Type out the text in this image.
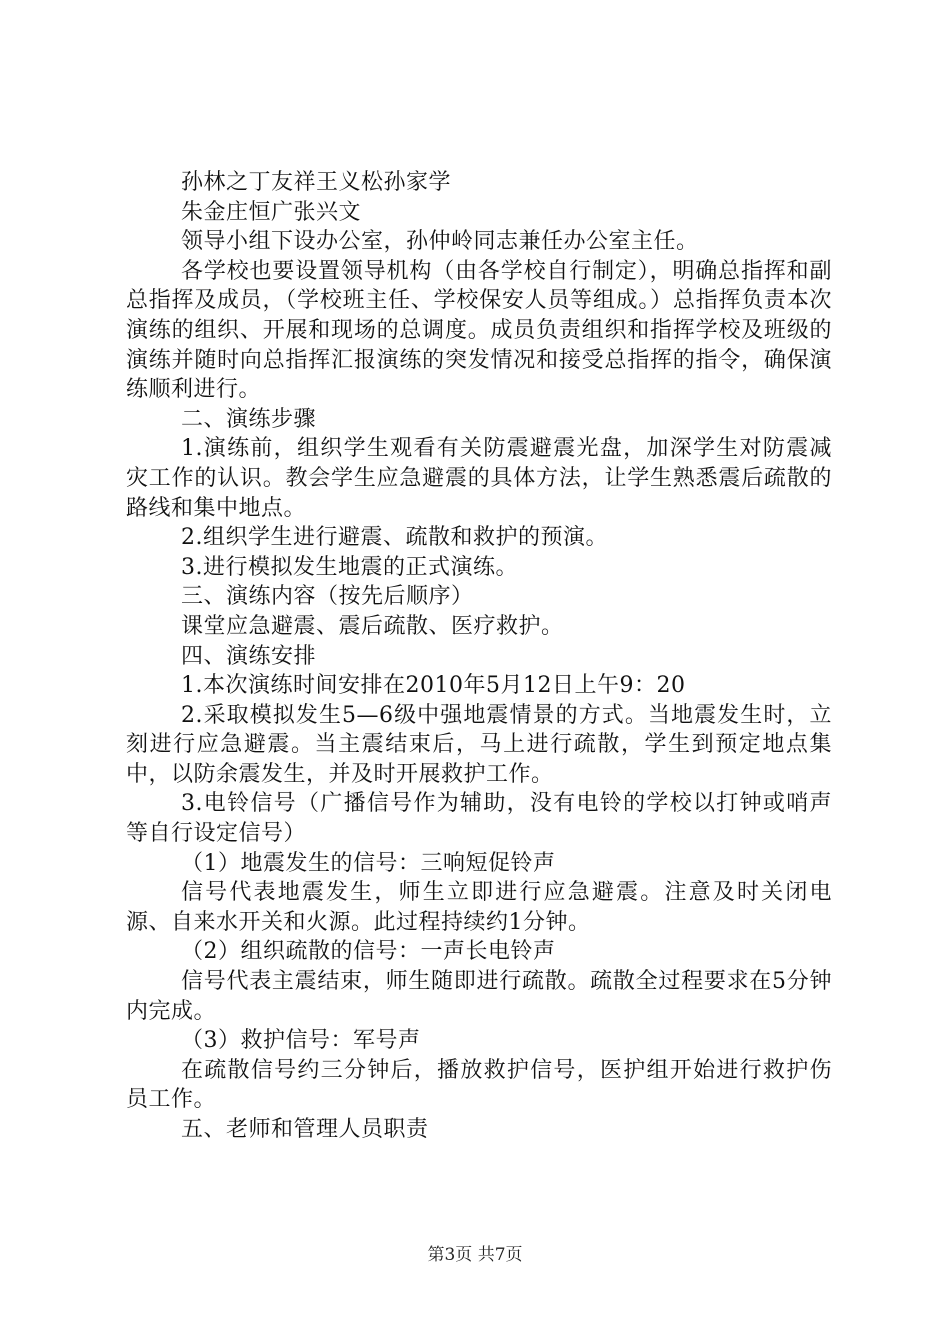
孙林之丁友祥王义松孙家学

朱金庄恒广张兴文

领导小组下设办公室，孙仲岭同志兼任办公室主任。

各学校也要设置领导机构（由各学校自行制定），明确总指挥和副总指挥及成员，（学校班主任、学校保安人员等组成。）总指挥负责本次演练的组织、开展和现场的总调度。成员负责组织和指挥学校及班级的演练并随时向总指挥汇报演练的突发情况和接受总指挥的指令，确保演练顺利进行。

二、演练步骤

1.演练前，组织学生观看有关防震避震光盘，加深学生对防震减灾工作的认识。教会学生应急避震的具体方法，让学生熟悉震后疏散的路线和集中地点。

2.组织学生进行避震、疏散和救护的预演。

3.进行模拟发生地震的正式演练。

三、演练内容（按先后顺序）

课堂应急避震、震后疏散、医疗救护。

四、演练安排

1.本次演练时间安排在2010年5月12日上午9：20

2.采取模拟发生5—6级中强地震情景的方式。当地震发生时，立刻进行应急避震。当主震结束后，马上进行疏散，学生到预定地点集中，以防余震发生，并及时开展救护工作。

3.电铃信号（广播信号作为辅助，没有电铃的学校以打钟或哨声等自行设定信号）

（1）地震发生的信号：三响短促铃声

信号代表地震发生，师生立即进行应急避震。注意及时关闭电源、自来水开关和火源。此过程持续约1分钟。

（2）组织疏散的信号：一声长电铃声

信号代表主震结束，师生随即进行疏散。疏散全过程要求在5分钟内完成。

（3）救护信号：军号声

在疏散信号约三分钟后，播放救护信号，医护组开始进行救护伤员工作。

五、老师和管理人员职责

第3页 共7页
